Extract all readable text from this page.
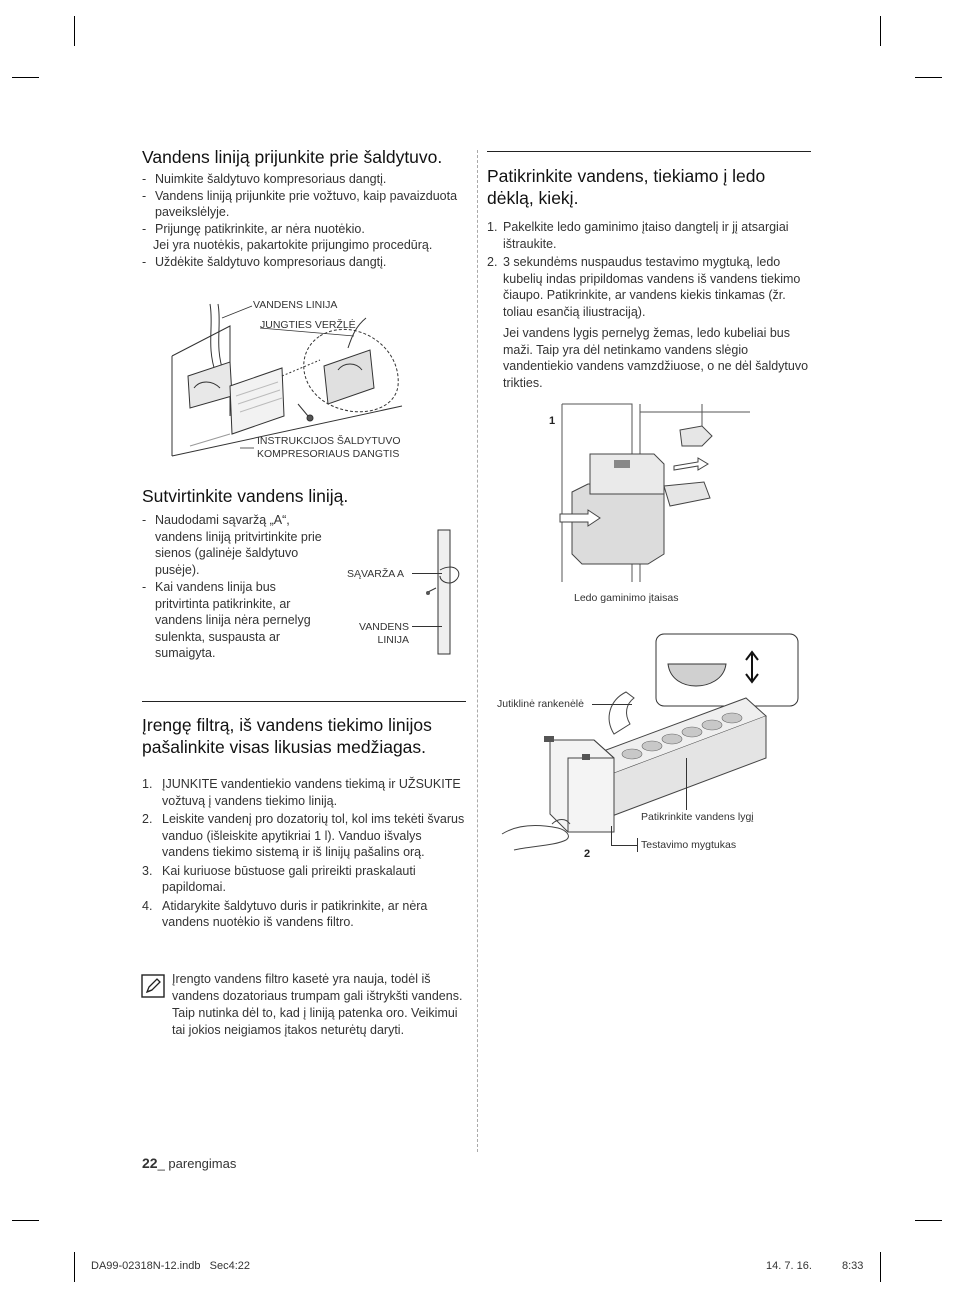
Vandens liniją prijunkite prie šaldytuvo.
- Nuimkite šaldytuvo kompresoriaus dangtį.
- Vandens liniją prijunkite prie vožtuvo, kaip pavaizduota paveikslėlyje.
- Prijungę patikrinkite, ar nėra nuotėkio.
Jei yra nuotėkis, pakartokite prijungimo procedūrą.
- Uždėkite šaldytuvo kompresoriaus dangtį.
VANDENS LINIJA
JUNGTIES VERŽLĖ
INSTRUKCIJOS ŠALDYTUVO
KOMPRESORIAUS DANGTIS
Sutvirtinkite vandens liniją.
- Naudodami sąvaržą „A“, vandens liniją pritvirtinkite prie sienos (galinėje šaldytuvo pusėje).
- Kai vandens linija bus pritvirtinta patikrinkite, ar vandens linija nėra pernelyg sulenkta, suspausta ar sumaigyta.
SĄVARŽA A
VANDENS
LINIJA
Įrengę filtrą, iš vandens tiekimo linijos pašalinkite visas likusias medžiagas.
1. ĮJUNKITE vandentiekio vandens tiekimą ir UŽSUKITE vožtuvą į vandens tiekimo liniją.
2. Leiskite vandenį pro dozatorių tol, kol ims tekėti švarus vanduo (išleiskite apytikriai 1 l). Vanduo išvalys vandens tiekimo sistemą ir iš linijų pašalins orą.
3. Kai kuriuose būstuose gali prireikti praskalauti papildomai.
4. Atidarykite šaldytuvo duris ir patikrinkite, ar nėra vandens nuotėkio iš vandens filtro.
Įrengto vandens filtro kasetė yra nauja, todėl iš vandens dozatoriaus trumpam gali ištrykšti vandens. Taip nutinka dėl to, kad į liniją patenka oro. Veikimui tai jokios neigiamos įtakos neturėtų daryti.
22_ parengimas
Patikrinkite vandens, tiekiamo į ledo dėklą, kiekį.
1. Pakelkite ledo gaminimo įtaiso dangtelį ir jį atsargiai ištraukite.
2. 3 sekundėms nuspaudus testavimo mygtuką, ledo kubelių indas pripildomas vandens iš vandens tiekimo čiaupo. Patikrinkite, ar vandens kiekis tinkamas (žr. toliau esančią iliustraciją).
Jei vandens lygis pernelyg žemas, ledo kubeliai bus maži. Taip yra dėl netinkamo vandens slėgio vandentiekio vandens vamzdžiuose, o ne dėl šaldytuvo trikties.
1
Ledo gaminimo įtaisas
Jutiklinė rankenėlė
Patikrinkite vandens lygį
Testavimo mygtukas
2
DA99-02318N-12.indb   Sec4:22	14. 7. 16.	8:33
